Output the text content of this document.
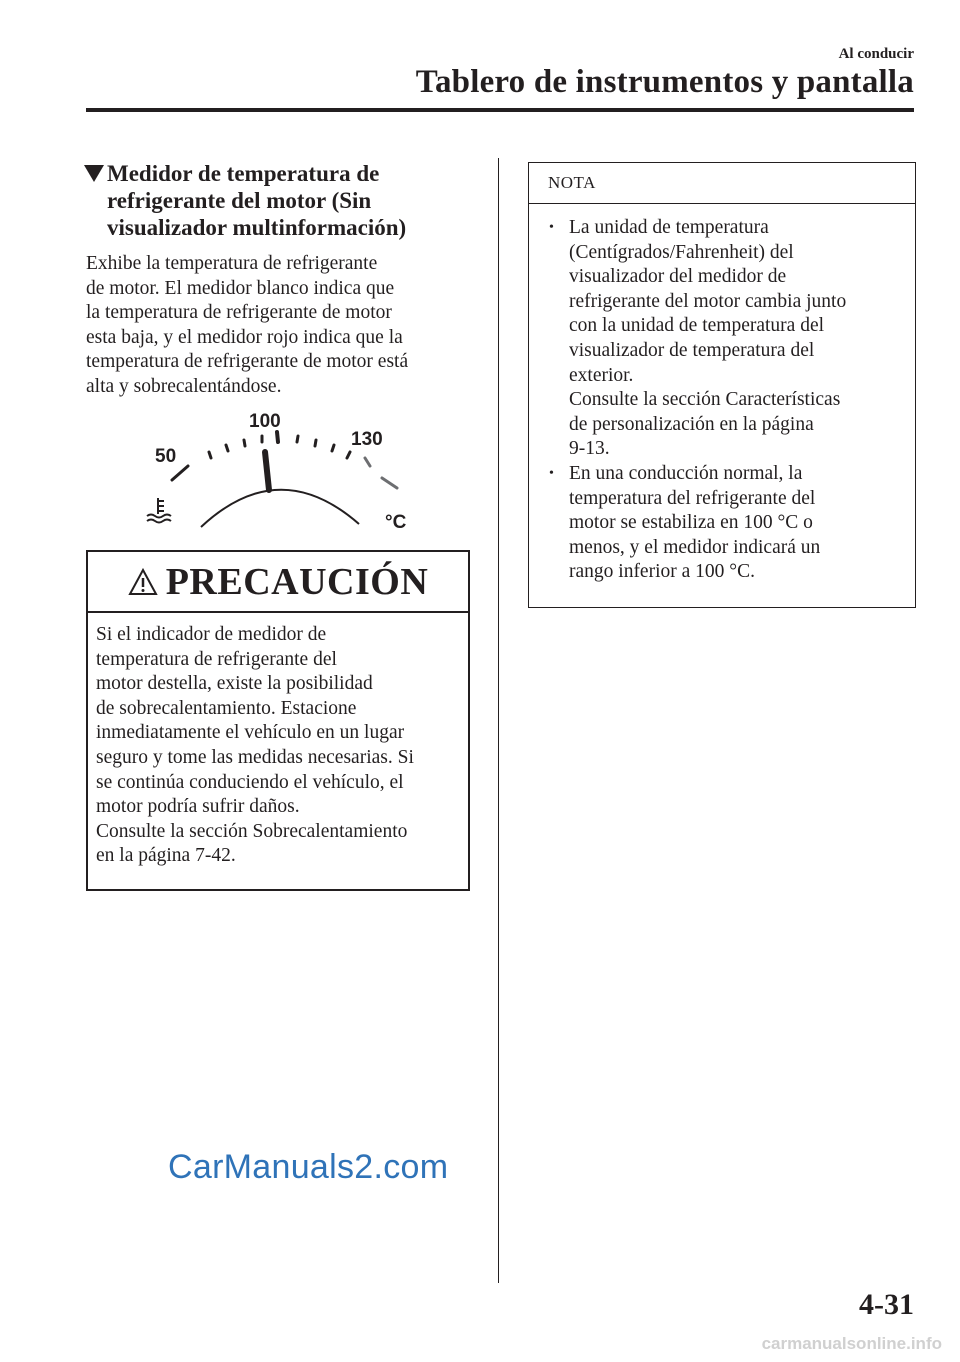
Al conducir
Tablero de instrumentos y pantalla
Medidor de temperatura de refrigerante del motor (Sin visualizador multinformación)
Exhibe la temperatura de refrigerante
de motor. El medidor blanco indica que
la temperatura de refrigerante de motor
esta baja, y el medidor rojo indica que la
temperatura de refrigerante de motor está
alta y sobrecalentándose.
50
100
130
°C
PRECAUCIÓN
Si el indicador de medidor de
temperatura de refrigerante del
motor destella, existe la posibilidad
de sobrecalentamiento. Estacione
inmediatamente el vehículo en un lugar
seguro y tome las medidas necesarias. Si
se continúa conduciendo el vehículo, el
motor podría sufrir daños.
Consulte la sección Sobrecalentamiento
en la página 7-42.
NOTA
• La unidad de temperatura
(Centígrados/Fahrenheit) del
visualizador del medidor de
refrigerante del motor cambia junto
con la unidad de temperatura del
visualizador de temperatura del
exterior.
Consulte la sección Características
de personalización en la página
9-13.
• En una conducción normal, la
temperatura del refrigerante del
motor se estabiliza en 100 °C o
menos, y el medidor indicará un
rango inferior a 100 °C.
CarManuals2.com
4-31
carmanualsonline.info
